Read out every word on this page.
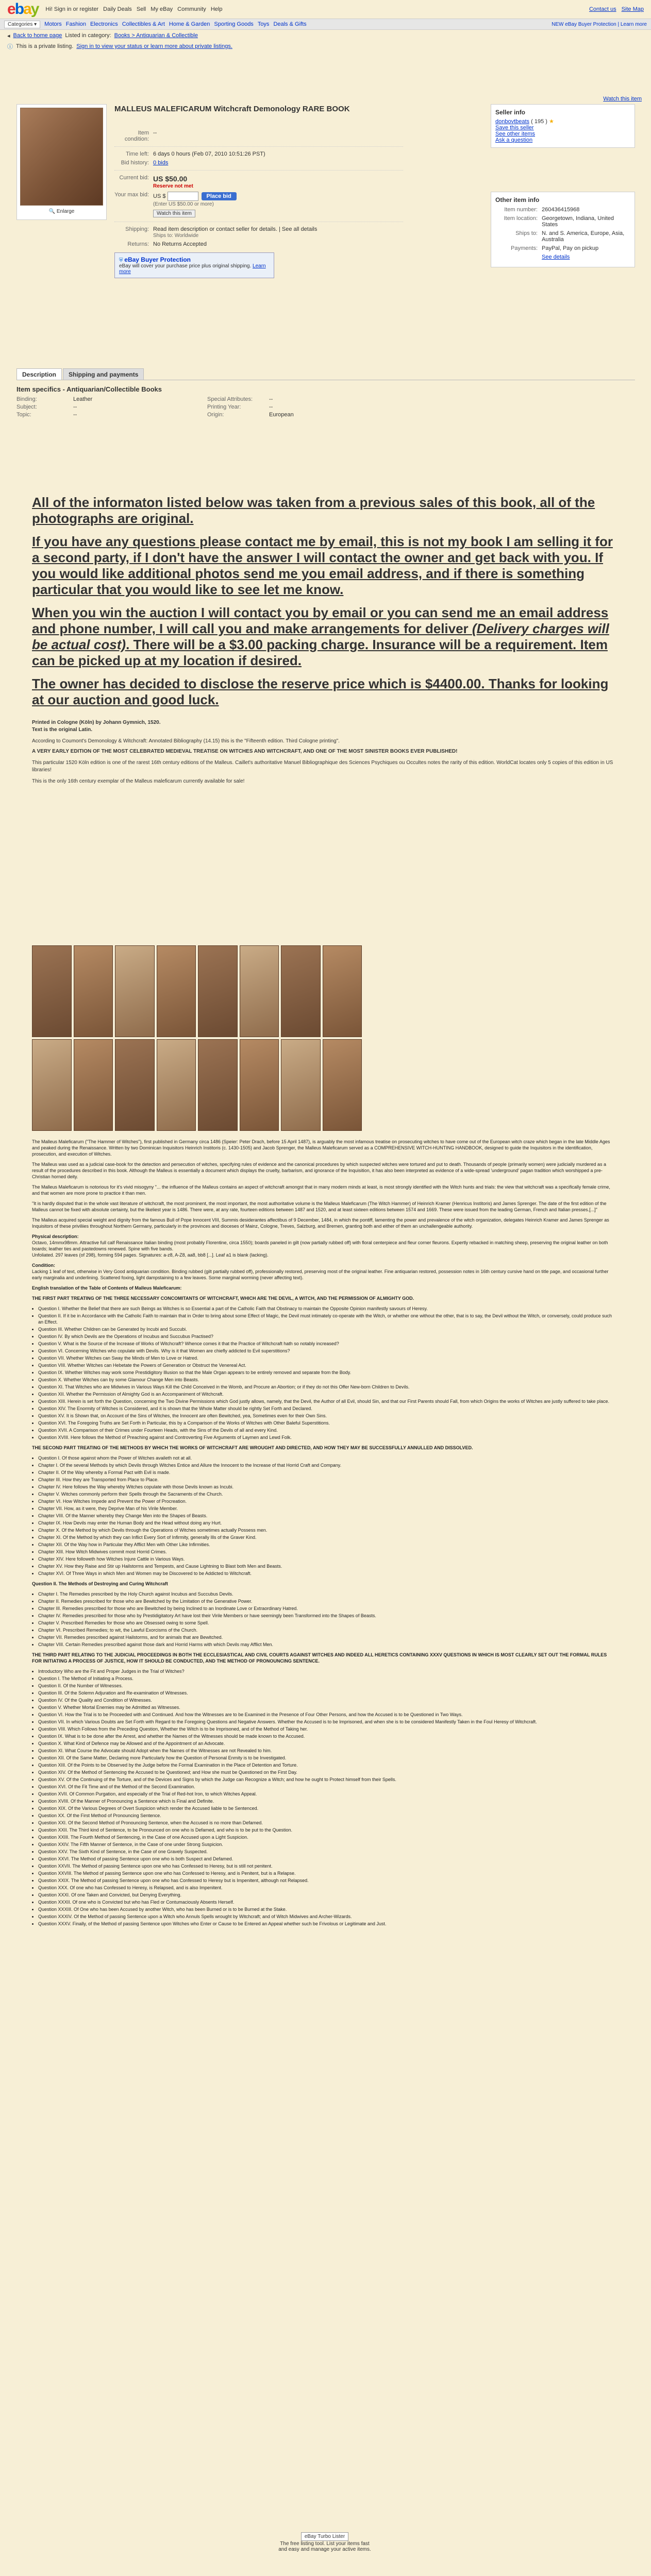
ebay Hi! Sign in or register Daily Deals Sell My eBay Community Help	Contact us Site Map
Categories ▾	Motors Fashion Electronics Collectibles & Art Home & Garden Sporting Goods Toys Deals & Gifts	NEW eBay Buyer Protection | Learn more
◂ Back to home page Listed in category: Books > Antiquarian & Collectible
ⓘ This is a private listing. Sign in to view your status or learn more about private listings.
Watch this item
🔍 Enlarge
MALLEUS MALEFICARUM Witchcraft Demonology RARE BOOK
Item condition:
--
Time left: 6 days 0 hours (Feb 07, 2010 10:51:26 PST)
Bid history: 0 bids
Current bid: US $50.00
Reserve not met
Your max bid: US $	Place bid
(Enter US $50.00 or more)
Watch this item
Shipping: Read item description or contact seller for details. | See all details
Ships to: Worldwide
Returns: No Returns Accepted
⛨ eBay Buyer Protection
eBay will cover your purchase price plus original shipping. Learn more
Seller info
donbovtbeats ( 195 ) ★
Save this seller
See other items
Ask a question
Other item info
Item number: 260436415968
Item location: Georgetown, Indiana, United States
Ships to: N. and S. America, Europe, Asia, Australia
Payments: PayPal, Pay on pickup
See details
Description	Shipping and payments
Item specifics - Antiquarian/Collectible Books
Binding:	Leather	Special Attributes:	--
Subject:	--	Printing Year:	--
Topic:	--	Origin:	European
All of the informaton listed below was taken from a previous sales of this book, all of the photographs are original.
If you have any questions please contact me by email, this is not my book I am selling it for a second party, if I don't have the answer I will contact the owner and get back with you. If you would like additional photos send me you email address, and if there is something particular that you would like to see let me know.
When you win the auction I will contact you by email or you can send me an email address and phone number, I will call you and make arrangements for deliver (Delivery charges will be actual cost). There will be a $3.00 packing charge. Insurance will be a requirement. Item can be picked up at my location if desired.
The owner has decided to disclose the reserve price which is $4400.00. Thanks for looking at our auction and good luck.
Printed in Cologne (Köln) by Johann Gymnich, 1520.
Text is the original Latin.
According to Coumont's Demonology & Witchcraft: Annotated Bibliography (14.15) this is the "Fifteenth edition. Third Cologne printing".
A VERY EARLY EDITION OF THE MOST CELEBRATED MEDIEVAL TREATISE ON WITCHES AND WITCHCRAFT, AND ONE OF THE MOST SINISTER BOOKS EVER PUBLISHED!
This particular 1520 Köln edition is one of the rarest 16th century editions of the Malleus. Caillet's authoritative Manuel Bibliographique des Sciences Psychiques ou Occultes notes the rarity of this edition. WorldCat locates only 5 copies of this edition in US libraries!
This is the only 16th century exemplar of the Malleus maleficarum currently available for sale!

The Malleus Maleficarum ("The Hammer of Witches"), first published in Germany circa 1486 (Speier: Peter Drach, before 15 April 1487), is arguably the most infamous treatise on prosecuting witches to have come out of the European witch craze which began in the late Middle Ages and peaked during the Renaissance. Written by two Dominican Inquisitors Heinrich Institoris (c. 1430-1505) and Jacob Sprenger, the Malleus Maleficarum served as a COMPREHENSIVE WITCH-HUNTING HANDBOOK, designed to guide the Inquisitors in the identification, prosecution, and execution of Witches.

The Malleus was used as a judicial case-book for the detection and persecution of witches, specifying rules of evidence and the canonical procedures by which suspected witches were tortured and put to death. Thousands of people (primarily women) were judicially murdered as a result of the procedures described in this book. Although the Malleus is essentially a document which displays the cruelty, barbarism, and ignorance of the Inquisition, it has also been interpreted as evidence of a wide-spread 'underground' pagan tradition which worshipped a pre-Christian horned deity.

The Malleus Maleficarum is notorious for it's vivid misogyny "... the influence of the Malleus contains an aspect of witchcraft amongst that in many modern minds at least, is most strongly identified with the Witch hunts and trials: the view that witchcraft was a specifically female crime, and that women are more prone to practice it than men.

"It is hardly disputed that in the whole vast literature of witchcraft, the most prominent, the most important, the most authoritative volume is the Malleus Maleficarum (The Witch Hammer) of Heinrich Kramer (Henricus Institoris) and James Sprenger. The date of the first edition of the Malleus cannot be fixed with absolute certainty, but the likeliest year is 1486. There were, at any rate, fourteen editions between 1487 and 1520, and at least sixteen editions between 1574 and 1669. These were issued from the leading German, French and Italian presses.[...]"

The Malleus acquired special weight and dignity from the famous Bull of Pope Innocent VIII, Summis desiderantes affectibus of 9 December, 1484, in which the pontiff, lamenting the power and prevalence of the witch organization, delegates Heinrich Kramer and James Sprenger as Inquisitors of these priviliies throughout Northern Germany, particularly in the provinces and dioceses of Mainz, Cologne, Treves, Salzburg, and Bremen, granting both and either of them an unchallengeable authority.

Physical description:
Octavo, 14mmx98mm. Attractive full calf Renaissance Italian binding (most probably Florentine, circa 1550); boards paneled in gilt (now partially rubbed off) with floral centerpiece and fleur corner fleurons. Expertly rebacked in matching sheep, preserving the original leather on both boards; leather ties and pastedowns renewed. Spine with five bands.
Unfoliated. 297 leaves (of 298), forming 594 pages. Signatures: a-z8, A-Z8, aa8, bb8 [...]. Leaf a1 is blank (lacking).

Condition:
Lacking 1 leaf of text, otherwise in Very Good antiquarian condition. Binding rubbed (gilt partially rubbed off), professionally restored, preserving most of the original leather. Fine antiquarian restored, possession notes in 16th century cursive hand on title page, and occasional further early marginalia and underlining. Scattered foxing, light dampstaining to a few leaves. Some marginal worming (never affecting text).

English translation of the Table of Contents of Malleus Maleficarum:

THE FIRST PART TREATING OF THE THREE NECESSARY CONCOMITANTS OF WITCHCRAFT, WHICH ARE THE DEVIL, A WITCH, AND THE PERMISSION OF ALMIGHTY GOD.

• Question I. Whether the Belief that there are such Beings as Witches is so Essential a part of the Catholic Faith that Obstinacy to maintain the Opposite Opinion manifestly savours of Heresy.
• Question II. If it be in Accordance with the Catholic Faith to maintain that in Order to bring about some Effect of Magic, the Devil must intimately co-operate with the Witch, or whether one without the other, that is to say, the Devil without the Witch, or conversely, could produce such an Effect.
• Question III. Whether Children can be Generated by Incubi and Succubi.
• Question IV. By which Devils are the Operations of Incubus and Succubus Practised?
• Question V. What is the Source of the Increase of Works of Witchcraft? Whence comes it that the Practice of Witchcraft hath so notably increased?
• Question VI. Concerning Witches who copulate with Devils. Why is it that Women are chiefly addicted to Evil superstitions?
• Question VII. Whether Witches can Sway the Minds of Men to Love or Hatred.
• Question VIII. Whether Witches can Hebetate the Powers of Generation or Obstruct the Venereal Act.
• Question IX. Whether Witches may work some Prestidigitory Illusion so that the Male Organ appears to be entirely removed and separate from the Body.
• Question X. Whether Witches can by some Glamour Change Men into Beasts.
• Question XI. That Witches who are Midwives in Various Ways Kill the Child Conceived in the Womb, and Procure an Abortion; or if they do not this Offer New-born Children to Devils.
• Question XII. Whether the Permission of Almighty God is an Accompaniment of Witchcraft.
• Question XIII. Herein is set forth the Question, concerning the Two Divine Permissions which God justly allows, namely, that the Devil, the Author of all Evil, should Sin, and that our First Parents should Fall, from which Origins the works of Witches are justly suffered to take place.
• Question XIV. The Enormity of Witches is Considered, and it is shown that the Whole Matter should be rightly Set Forth and Declared.
• Question XV. It is Shown that, on Account of the Sins of Witches, the Innocent are often Bewitched, yea, Sometimes even for their Own Sins.
• Question XVI. The Foregoing Truths are Set Forth in Particular, this by a Comparison of the Works of Witches with Other Baleful Superstitions.
• Question XVII. A Comparison of their Crimes under Fourteen Heads, with the Sins of the Devils of all and every Kind.
• Question XVIII. Here follows the Method of Preaching against and Controverting Five Arguments of Laymen and Lewd Folk.

THE SECOND PART TREATING OF THE METHODS BY WHICH THE WORKS OF WITCHCRAFT ARE WROUGHT AND DIRECTED, AND HOW THEY MAY BE SUCCESSFULLY ANNULLED AND DISSOLVED.

• Question I. Of those against whom the Power of Witches availeth not at all.
• Chapter I. Of the several Methods by which Devils through Witches Entice and Allure the Innocent to the Increase of that Horrid Craft and Company.
• Chapter II. Of the Way whereby a Formal Pact with Evil is made.
• Chapter III. How they are Transported from Place to Place.
• Chapter IV. Here follows the Way whereby Witches copulate with those Devils known as Incubi.
• Chapter V. Witches commonly perform their Spells through the Sacraments of the Church.
• Chapter VI. How Witches Impede and Prevent the Power of Procreation.
• Chapter VII. How, as it were, they Deprive Man of his Virile Member.
• Chapter VIII. Of the Manner whereby they Change Men into the Shapes of Beasts.
• Chapter IX. How Devils may enter the Human Body and the Head without doing any Hurt.
• Chapter X. Of the Method by which Devils through the Operations of Witches sometimes actually Possess men.
• Chapter XI. Of the Method by which they can Inflict Every Sort of Infirmity, generally Ills of the Graver Kind.
• Chapter XII. Of the Way how in Particular they Afflict Men with Other Like Infirmities.
• Chapter XIII. How Witch Midwives commit most Horrid Crimes.
• Chapter XIV. Here followeth how Witches Injure Cattle in Various Ways.
• Chapter XV. How they Raise and Stir up Hailstorms and Tempests, and Cause Lightning to Blast both Men and Beasts.
• Chapter XVI. Of Three Ways in which Men and Women may be Discovered to be Addicted to Witchcraft.

Question II. The Methods of Destroying and Curing Witchcraft

• Chapter I. The Remedies prescribed by the Holy Church against Incubus and Succubus Devils.
• Chapter II. Remedies prescribed for those who are Bewitched by the Limitation of the Generative Power.
• Chapter III. Remedies prescribed for those who are Bewitched by being Inclined to an Inordinate Love or Extraordinary Hatred.
• Chapter IV. Remedies prescribed for those who by Prestidigitatory Art have lost their Virile Members or have seemingly been Transformed into the Shapes of Beasts.
• Chapter V. Prescribed Remedies for those who are Obsessed owing to some Spell.
• Chapter VI. Prescribed Remedies; to wit, the Lawful Exorcisms of the Church.
• Chapter VII. Remedies prescribed against Hailstorms, and for animals that are Bewitched.
• Chapter VIII. Certain Remedies prescribed against those dark and Horrid Harms with which Devils may Afflict Men.

THE THIRD PART RELATING TO THE JUDICIAL PROCEEDINGS IN BOTH THE ECCLESIASTICAL AND CIVIL COURTS AGAINST WITCHES AND INDEED ALL HERETICS CONTAINING XXXV QUESTIONS IN WHICH IS MOST CLEARLY SET OUT THE FORMAL RULES FOR INITIATING A PROCESS OF JUSTICE, HOW IT SHOULD BE CONDUCTED, AND THE METHOD OF PRONOUNCING SENTENCE.

• Introductory Who are the Fit and Proper Judges in the Trial of Witches?
• Question I. The Method of Initiating a Process.
• Question II. Of the Number of Witnesses.
• Question III. Of the Solemn Adjuration and Re-examination of Witnesses.
• Question IV. Of the Quality and Condition of Witnesses.
• Question V. Whether Mortal Enemies may be Admitted as Witnesses.
• Question VI. How the Trial is to be Proceeded with and Continued. And how the Witnesses are to be Examined in the Presence of Four Other Persons, and how the Accused is to be Questioned in Two Ways.
• Question VII. In which Various Doubts are Set Forth with Regard to the Foregoing Questions and Negative Answers. Whether the Accused is to be Imprisoned, and when she is to be considered Manifestly Taken in the Foul Heresy of Witchcraft.
• Question VIII. Which Follows from the Preceding Question, Whether the Witch is to be Imprisoned, and of the Method of Taking her.
• Question IX. What is to be done after the Arrest, and whether the Names of the Witnesses should be made known to the Accused.
• Question X. What Kind of Defence may be Allowed and of the Appointment of an Advocate.
• Question XI. What Course the Advocate should Adopt when the Names of the Witnesses are not Revealed to him.
• Question XII. Of the Same Matter, Declaring more Particularly how the Question of Personal Enmity is to be Investigated.
• Question XIII. Of the Points to be Observed by the Judge before the Formal Examination in the Place of Detention and Torture.
• Question XIV. Of the Method of Sentencing the Accused to be Questioned; and How she must be Questioned on the First Day.
• Question XV. Of the Continuing of the Torture, and of the Devices and Signs by which the Judge can Recognize a Witch; and how he ought to Protect himself from their Spells.
• Question XVI. Of the Fit Time and of the Method of the Second Examination.
• Question XVII. Of Common Purgation, and especially of the Trial of Red-hot Iron, to which Witches Appeal.
• Question XVIII. Of the Manner of Pronouncing a Sentence which is Final and Definite.
• Question XIX. Of the Various Degrees of Overt Suspicion which render the Accused liable to be Sentenced.
• Question XX. Of the First Method of Pronouncing Sentence.
• Question XXI. Of the Second Method of Pronouncing Sentence, when the Accused is no more than Defamed.
• Question XXII. The Third kind of Sentence, to be Pronounced on one who is Defamed, and who is to be put to the Question.
• Question XXIII. The Fourth Method of Sentencing, in the Case of one Accused upon a Light Suspicion.
• Question XXIV. The Fifth Manner of Sentence, in the Case of one under Strong Suspicion.
• Question XXV. The Sixth Kind of Sentence, in the Case of one Gravely Suspected.
• Question XXVI. The Method of passing Sentence upon one who is both Suspect and Defamed.
• Question XXVII. The Method of passing Sentence upon one who has Confessed to Heresy, but is still not penitent.
• Question XXVIII. The Method of passing Sentence upon one who has Confessed to Heresy, and is Penitent, but is a Relapse.
• Question XXIX. The Method of passing Sentence upon one who has Confessed to Heresy but is Impenitent, although not Relapsed.
• Question XXX. Of one who has Confessed to Heresy, is Relapsed, and is also Impenitent.
• Question XXXI. Of one Taken and Convicted, but Denying Everything.
• Question XXXII. Of one who is Convicted but who has Fled or Contumaciously Absents Herself.
• Question XXXIII. Of One who has been Accused by another Witch, who has been Burned or is to be Burned at the Stake.
• Question XXXIV. Of the Method of passing Sentence upon a Witch who Annuls Spells wrought by Witchcraft; and of Witch Midwives and Archer-Wizards.
• Question XXXV. Finally, of the Method of passing Sentence upon Witches who Enter or Cause to be Entered an Appeal whether such be Frivolous or Legitimate and Just.
eBay Turbo Lister
The free listing tool. List your items fast and easy and manage your active items.
